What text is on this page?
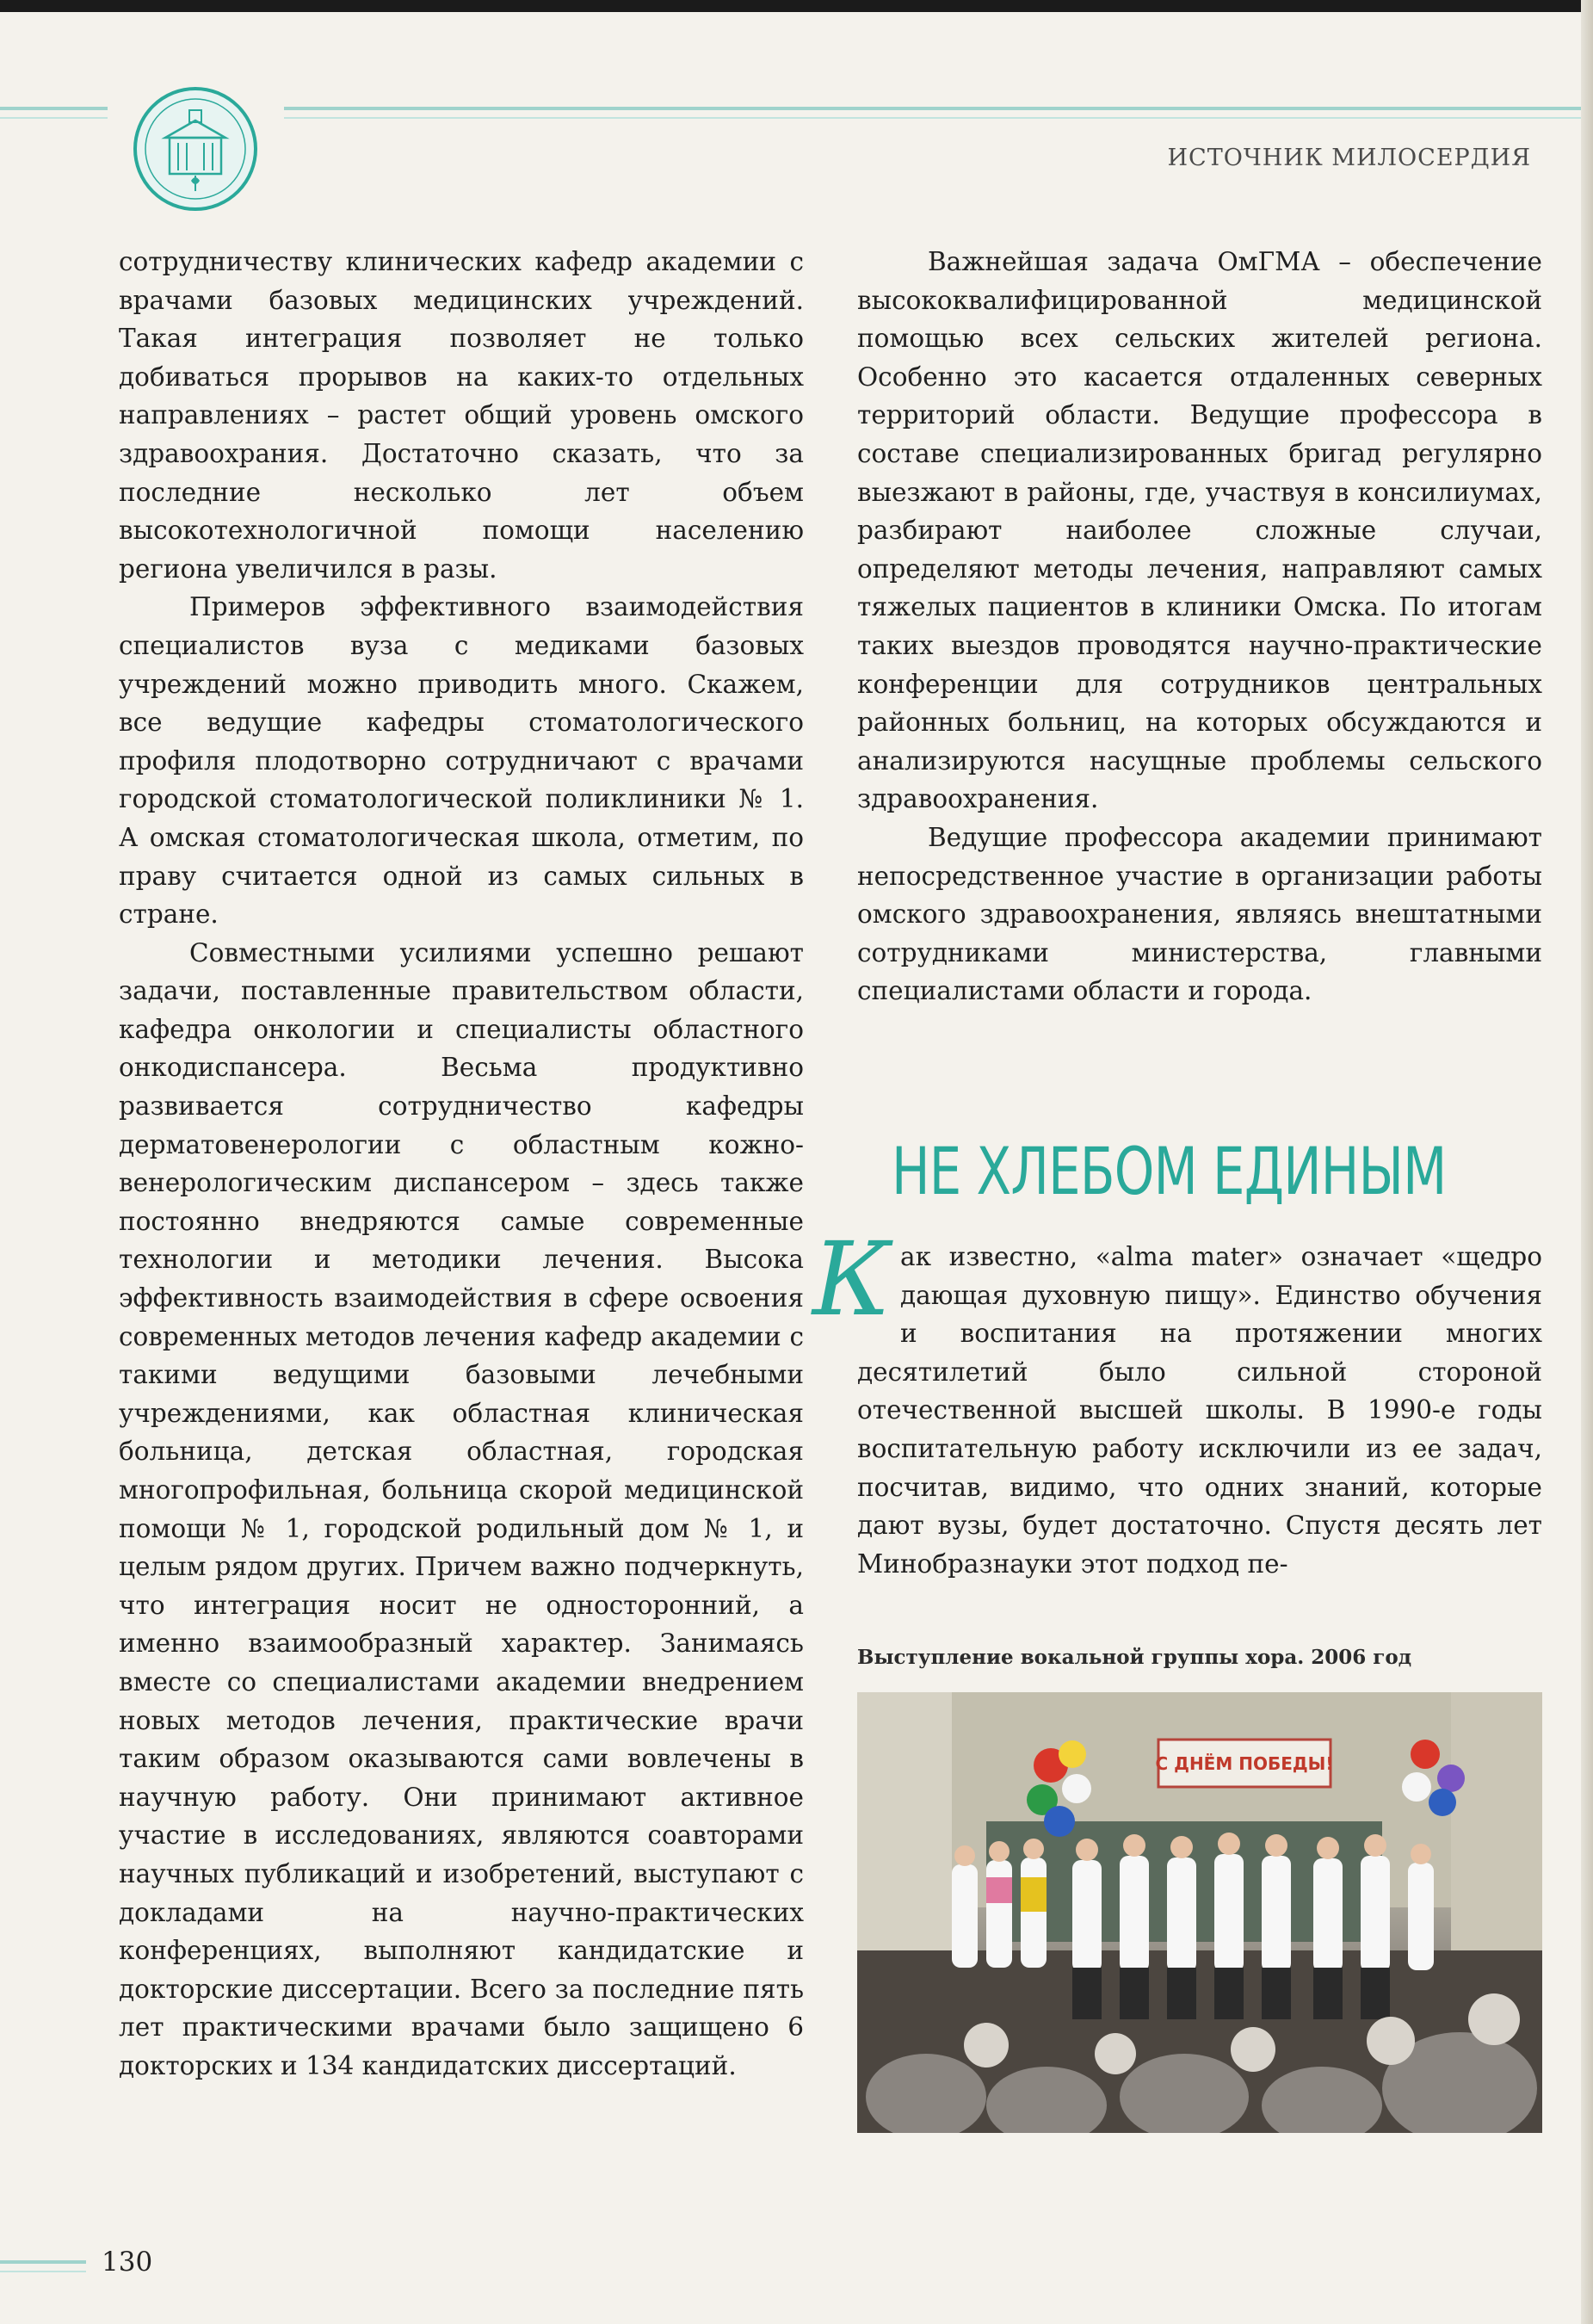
ИСТОЧНИК МИЛОСЕРДИЯ

сотрудничеству клинических кафедр академии с врачами базовых медицинских учреждений. Такая интеграция позволяет не только добиваться прорывов на каких-то отдельных направлениях – растет общий уровень омского здравоохрания. Достаточно сказать, что за последние несколько лет объем высокотехнологичной помощи населению региона увеличился в разы.

Примеров эффективного взаимодействия специалистов вуза с медиками базовых учреждений можно приводить много. Скажем, все ведущие кафедры стоматологического профиля плодотворно сотрудничают с врачами городской стоматологической поликлиники № 1. А омская стоматологическая школа, отметим, по праву считается одной из самых сильных в стране.

Совместными усилиями успешно решают задачи, поставленные правительством области, кафедра онкологии и специалисты областного онкодиспансера. Весьма продуктивно развивается сотрудничество кафедры дерматовенерологии с областным кожно-венерологическим диспансером – здесь также постоянно внедряются самые современные технологии и методики лечения. Высока эффективность взаимодействия в сфере освоения современных методов лечения кафедр академии с такими ведущими базовыми лечебными учреждениями, как областная клиническая больница, детская областная, городская многопрофильная, больница скорой медицинской помощи № 1, городской родильный дом № 1, и целым рядом других. Причем важно подчеркнуть, что интеграция носит не односторонний, а именно взаимообразный характер. Занимаясь вместе со специалистами академии внедрением новых методов лечения, практические врачи таким образом оказываются сами вовлечены в научную работу. Они принимают активное участие в исследованиях, являются соавторами научных публикаций и изобретений, выступают с докладами на научно-практических конференциях, выполняют кандидатские и докторские диссертации. Всего за последние пять лет практическими врачами было защищено 6 докторских и 134 кандидатских диссертаций.

Важнейшая задача ОмГМА – обеспечение высококвалифицированной медицинской помощью всех сельских жителей региона. Особенно это касается отдаленных северных территорий области. Ведущие профессора в составе специализированных бригад регулярно выезжают в районы, где, участвуя в консилиумах, разбирают наиболее сложные случаи, определяют методы лечения, направляют самых тяжелых пациентов в клиники Омска. По итогам таких выездов проводятся научно-практические конференции для сотрудников центральных районных больниц, на которых обсуждаются и анализируются насущные проблемы сельского здравоохранения.

Ведущие профессора академии принимают непосредственное участие в организации работы омского здравоохранения, являясь внештатными сотрудниками министерства, главными специалистами области и города.

НЕ ХЛЕБОМ ЕДИНЫМ
К ак известно, «alma mater» означает «щедро дающая духовную пищу». Единство обучения и воспитания на протяжении многих десятилетий было сильной стороной отечественной высшей школы. В 1990-е годы воспитательную работу исключили из ее задач, посчитав, видимо, что одних знаний, которые дают вузы, будет достаточно. Спустя десять лет Минобразнауки этот подход пе-

Выступление вокальной группы хора. 2006 год
С ДНЁМ ПОБЕДЫ!
130
